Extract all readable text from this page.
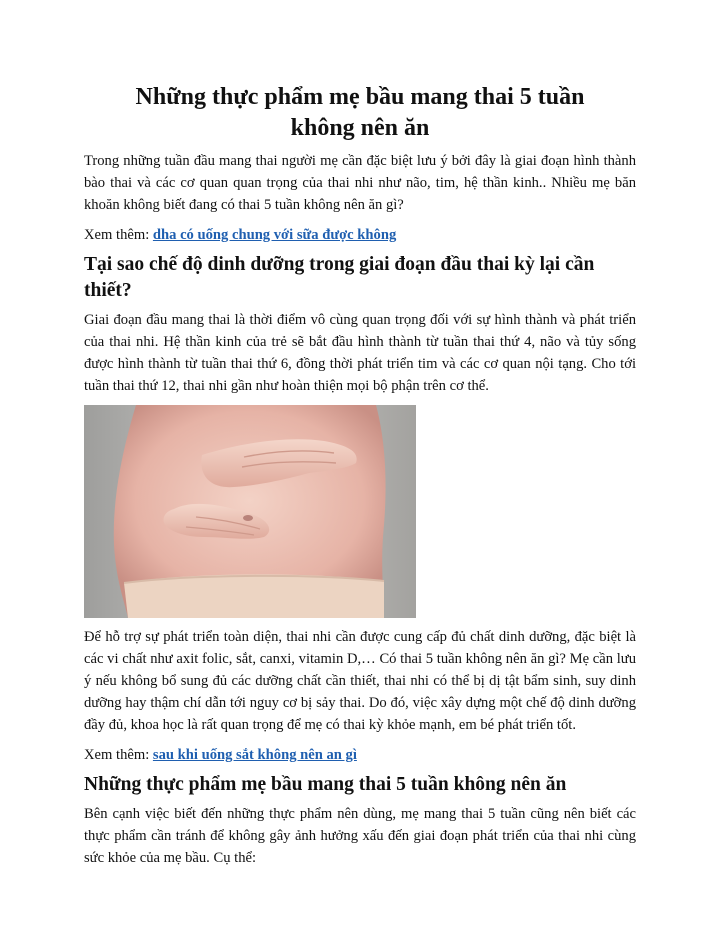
Những thực phẩm mẹ bầu mang thai 5 tuần không nên ăn

Trong những tuần đầu mang thai người mẹ cần đặc biệt lưu ý bởi đây là giai đoạn hình thành bào thai và các cơ quan quan trọng của thai nhi như não, tim, hệ thần kinh.. Nhiều mẹ băn khoăn không biết đang có thai 5 tuần không nên ăn gì?

Xem thêm: dha có uống chung với sữa được không

Tại sao chế độ dinh dưỡng trong giai đoạn đầu thai kỳ lại cần thiết?

Giai đoạn đầu mang thai là thời điểm vô cùng quan trọng đối với sự hình thành và phát triển của thai nhi. Hệ thần kinh của trẻ sẽ bắt đầu hình thành từ tuần thai thứ 4, não và tủy sống được hình thành từ tuần thai thứ 6, đồng thời phát triển tim và các cơ quan nội tạng. Cho tới tuần thai thứ 12, thai nhi gần như hoàn thiện mọi bộ phận trên cơ thể.

Để hỗ trợ sự phát triển toàn diện, thai nhi cần được cung cấp đủ chất dinh dưỡng, đặc biệt là các vi chất như axit folic, sắt, canxi, vitamin D,… Có thai 5 tuần không nên ăn gì? Mẹ cần lưu ý nếu không bổ sung đủ các dưỡng chất cần thiết, thai nhi có thể bị dị tật bẩm sinh, suy dinh dưỡng hay thậm chí dẫn tới nguy cơ bị sảy thai. Do đó, việc xây dựng một chế độ dinh dưỡng đầy đủ, khoa học là rất quan trọng để mẹ có thai kỳ khỏe mạnh, em bé phát triển tốt.

Xem thêm: sau khi uống sắt không nên an gì

Những thực phẩm mẹ bầu mang thai 5 tuần không nên ăn

Bên cạnh việc biết đến những thực phẩm nên dùng, mẹ mang thai 5 tuần cũng nên biết các thực phẩm cần tránh để không gây ảnh hưởng xấu đến giai đoạn phát triển của thai nhi cùng sức khỏe của mẹ bầu. Cụ thể:
